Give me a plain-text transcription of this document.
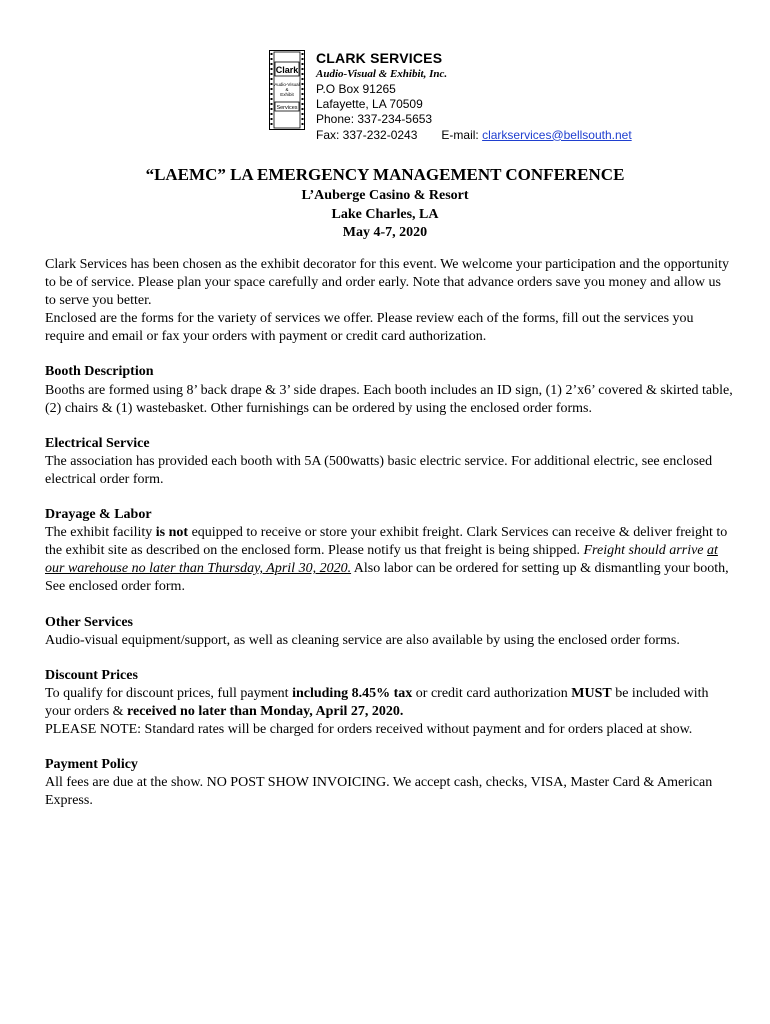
Clark
Audio-Visual
&
Exhibit
Services
CLARK SERVICES
Audio-Visual & Exhibit, Inc.
P.O Box 91265
Lafayette, LA 70509
Phone: 337-234-5653
Fax: 337-232-0243 E-mail: clarkservices@bellsouth.net
“LAEMC” LA EMERGENCY MANAGEMENT CONFERENCE
L’Auberge Casino & Resort
Lake Charles, LA
May 4-7, 2020

Clark Services has been chosen as the exhibit decorator for this event. We welcome your participation and the opportunity to be of service. Please plan your space carefully and order early. Note that advance orders save you money and allow us to serve you better.

Enclosed are the forms for the variety of services we offer. Please review each of the forms, fill out the services you require and email or fax your orders with payment or credit card authorization.

Booth Description

Booths are formed using 8’ back drape & 3’ side drapes. Each booth includes an ID sign, (1) 2’x6’ covered & skirted table, (2) chairs & (1) wastebasket. Other furnishings can be ordered by using the enclosed order forms.

Electrical Service

The association has provided each booth with 5A (500watts) basic electric service. For additional electric, see enclosed electrical order form.

Drayage & Labor

The exhibit facility is not equipped to receive or store your exhibit freight. Clark Services can receive & deliver freight to the exhibit site as described on the enclosed form. Please notify us that freight is being shipped. Freight should arrive at our warehouse no later than Thursday, April 30, 2020. Also labor can be ordered for setting up & dismantling your booth, See enclosed order form.

Other Services

Audio-visual equipment/support, as well as cleaning service are also available by using the enclosed order forms.

Discount Prices

To qualify for discount prices, full payment including 8.45% tax or credit card authorization MUST be included with your orders & received no later than Monday, April 27, 2020.

PLEASE NOTE: Standard rates will be charged for orders received without payment and for orders placed at show.

Payment Policy

All fees are due at the show. NO POST SHOW INVOICING. We accept cash, checks, VISA, Master Card & American Express.
